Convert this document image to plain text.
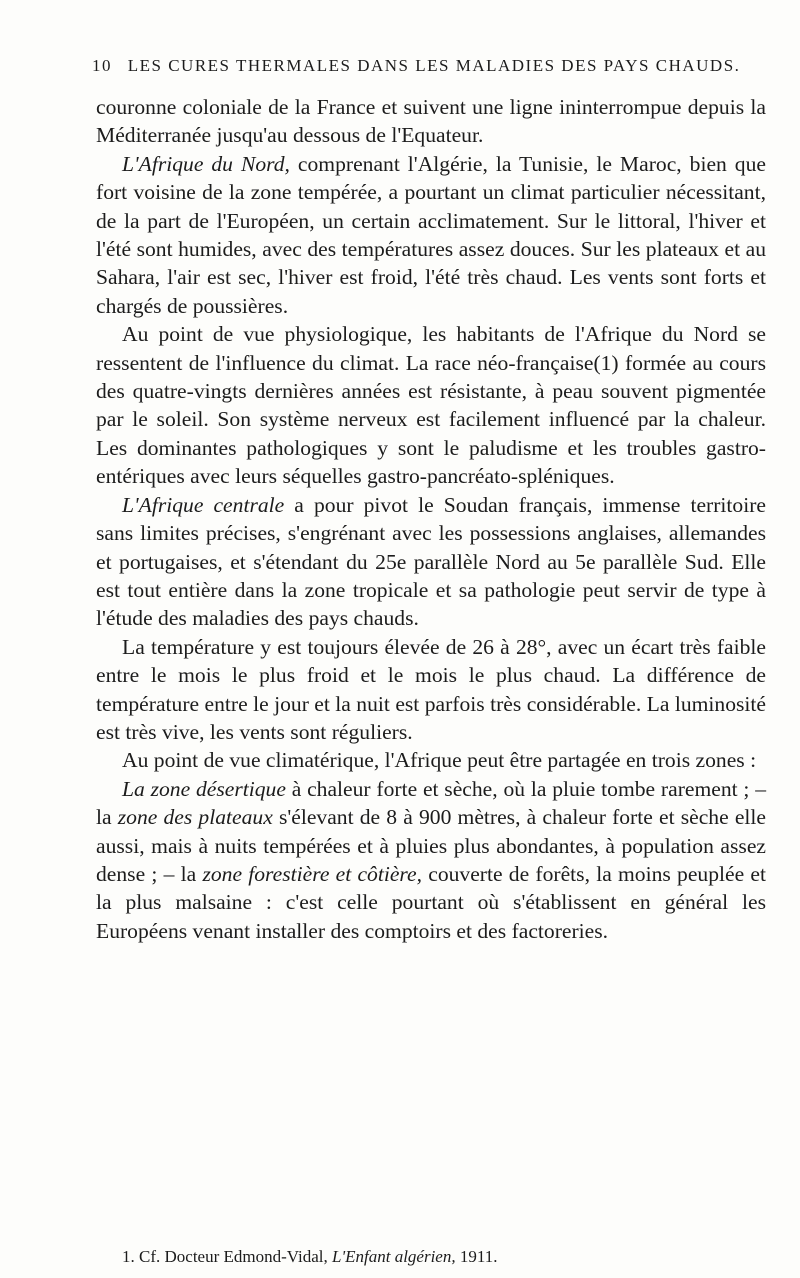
10 LES CURES THERMALES DANS LES MALADIES DES PAYS CHAUDS.

couronne coloniale de la France et suivent une ligne ininterrompue depuis la Méditerranée jusqu'au dessous de l'Equateur.

L'Afrique du Nord, comprenant l'Algérie, la Tunisie, le Maroc, bien que fort voisine de la zone tempérée, a pourtant un climat particulier nécessitant, de la part de l'Européen, un certain acclimatement. Sur le littoral, l'hiver et l'été sont humides, avec des températures assez douces. Sur les plateaux et au Sahara, l'air est sec, l'hiver est froid, l'été très chaud. Les vents sont forts et chargés de poussières.

Au point de vue physiologique, les habitants de l'Afrique du Nord se ressentent de l'influence du climat. La race néo-française(1) formée au cours des quatre-vingts dernières années est résistante, à peau souvent pigmentée par le soleil. Son système nerveux est facilement influencé par la chaleur. Les dominantes pathologiques y sont le paludisme et les troubles gastro-entériques avec leurs séquelles gastro-pancréato-spléniques.

L'Afrique centrale a pour pivot le Soudan français, immense territoire sans limites précises, s'engrénant avec les possessions anglaises, allemandes et portugaises, et s'étendant du 25e parallèle Nord au 5e parallèle Sud. Elle est tout entière dans la zone tropicale et sa pathologie peut servir de type à l'étude des maladies des pays chauds.

La température y est toujours élevée de 26 à 28°, avec un écart très faible entre le mois le plus froid et le mois le plus chaud. La différence de température entre le jour et la nuit est parfois très considérable. La luminosité est très vive, les vents sont réguliers.

Au point de vue climatérique, l'Afrique peut être partagée en trois zones :

La zone désertique à chaleur forte et sèche, où la pluie tombe rarement ; – la zone des plateaux s'élevant de 8 à 900 mètres, à chaleur forte et sèche elle aussi, mais à nuits tempérées et à pluies plus abondantes, à population assez dense ; – la zone forestière et côtière, couverte de forêts, la moins peuplée et la plus malsaine : c'est celle pourtant où s'établissent en général les Européens venant installer des comptoirs et des factoreries.

1. Cf. Docteur Edmond-Vidal, L'Enfant algérien, 1911.
